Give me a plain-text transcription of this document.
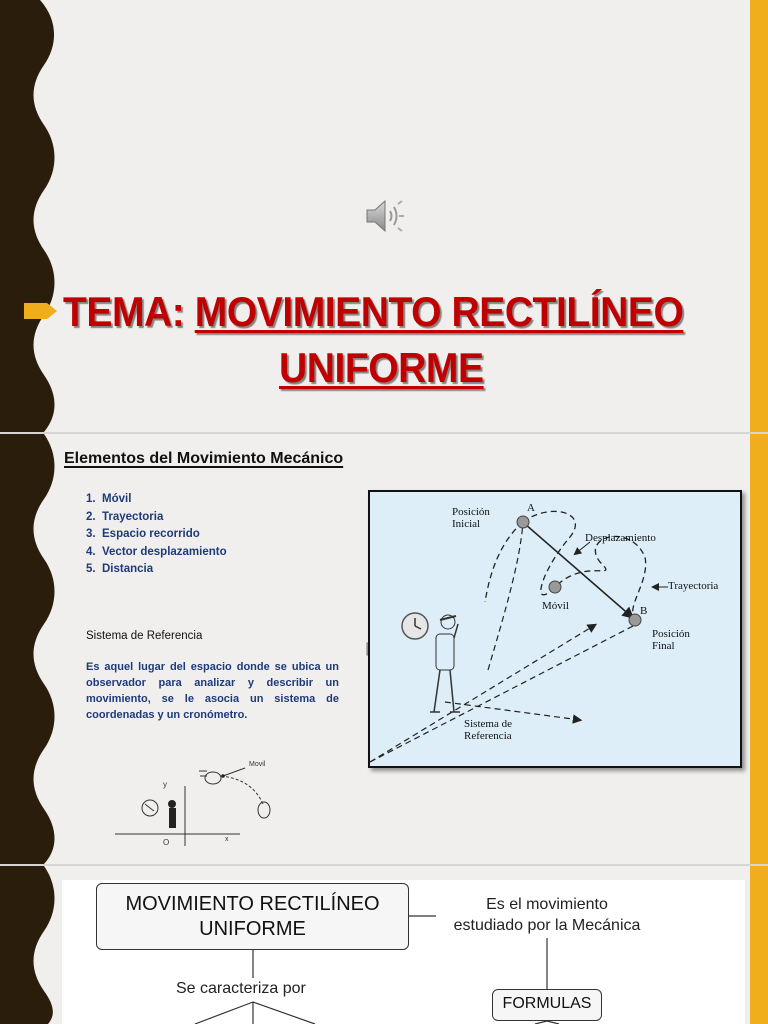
TEMA: MOVIMIENTO RECTILÍNEO
UNIFORME
Elementos del Movimiento Mecánico
1. Móvil
2. Trayectoria
3. Espacio recorrido
4. Vector desplazamiento
5. Distancia
Sistema de Referencia
Es aquel lugar del espacio donde se ubica un observador para analizar y describir un movimiento, se le asocia un sistema de coordenadas y un cronómetro.
Posición
Inicial
A
Desplazamiento
Trayectoria
Móvil	B
Posición
Final
Sistema de
Referencia
Movil
y
O	x
MOVIMIENTO RECTILÍNEO
UNIFORME
Es el movimiento
estudiado por la Mecánica
Se caracteriza por
FORMULAS
